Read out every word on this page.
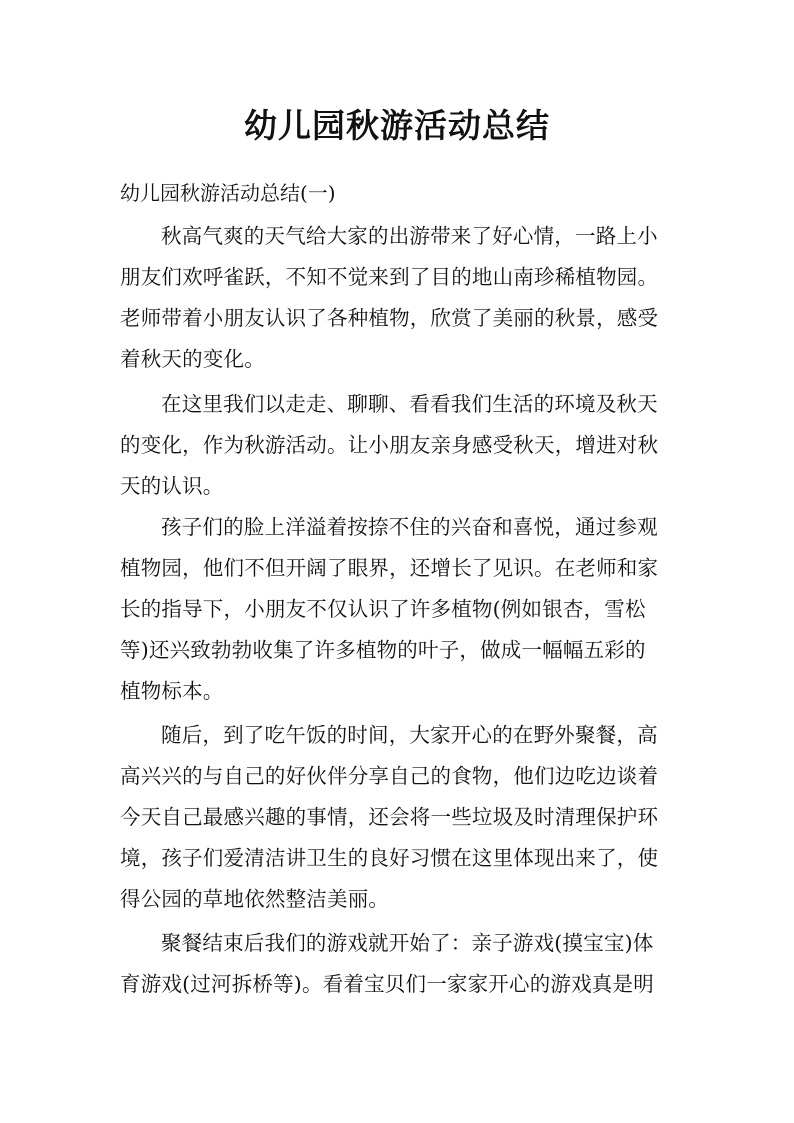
幼儿园秋游活动总结
幼儿园秋游活动总结(一)
秋高气爽的天气给大家的出游带来了好心情，一路上小
朋友们欢呼雀跃，不知不觉来到了目的地山南珍稀植物园。
老师带着小朋友认识了各种植物，欣赏了美丽的秋景，感受
着秋天的变化。
在这里我们以走走、聊聊、看看我们生活的环境及秋天
的变化，作为秋游活动。让小朋友亲身感受秋天，增进对秋
天的认识。
孩子们的脸上洋溢着按捺不住的兴奋和喜悦，通过参观
植物园，他们不但开阔了眼界，还增长了见识。在老师和家
长的指导下，小朋友不仅认识了许多植物(例如银杏，雪松
等)还兴致勃勃收集了许多植物的叶子，做成一幅幅五彩的
植物标本。
随后，到了吃午饭的时间，大家开心的在野外聚餐，高
高兴兴的与自己的好伙伴分享自己的食物，他们边吃边谈着
今天自己最感兴趣的事情，还会将一些垃圾及时清理保护环
境，孩子们爱清洁讲卫生的良好习惯在这里体现出来了，使
得公园的草地依然整洁美丽。
聚餐结束后我们的游戏就开始了：亲子游戏(摸宝宝)体
育游戏(过河拆桥等)。看着宝贝们一家家开心的游戏真是明
